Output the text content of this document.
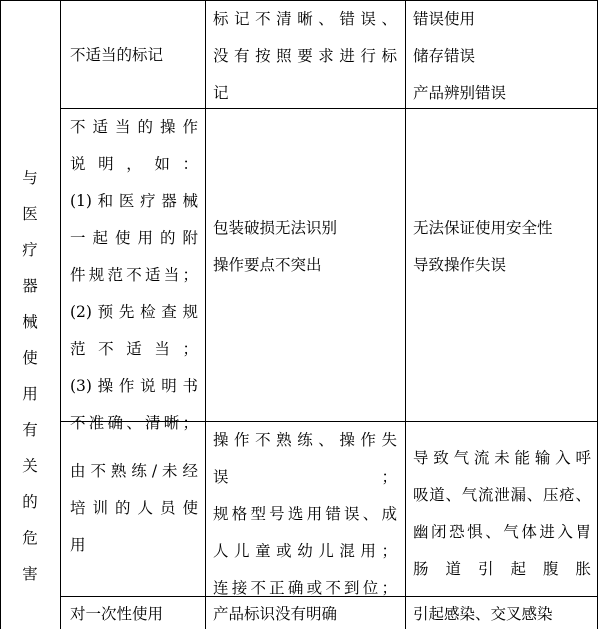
与
医
疗
器
械
使
用
有
关
的
危
害
不适当的标记
标记不清晰、错误、
没有按照要求进行标
记
错误使用
储存错误
产品辨别错误
不适当的操作
说明，如：
(1)和医疗器械
一起使用的附
件规范不适当；
(2)预先检查规
范不适当；
(3)操作说明书
不准确、清晰；
包装破损无法识别
操作要点不突出
无法保证使用安全性
导致操作失误
由不熟练/未经
培训的人员使
用
操作不熟练、操作失
误；
规格型号选用错误、成
人儿童或幼儿混用；
连接不正确或不到位；
导致气流未能输入呼
吸道、气流泄漏、压疮、
幽闭恐惧、气体进入胃
肠道引起腹胀
对一次性使用	产品标识没有明确	引起感染、交叉感染
